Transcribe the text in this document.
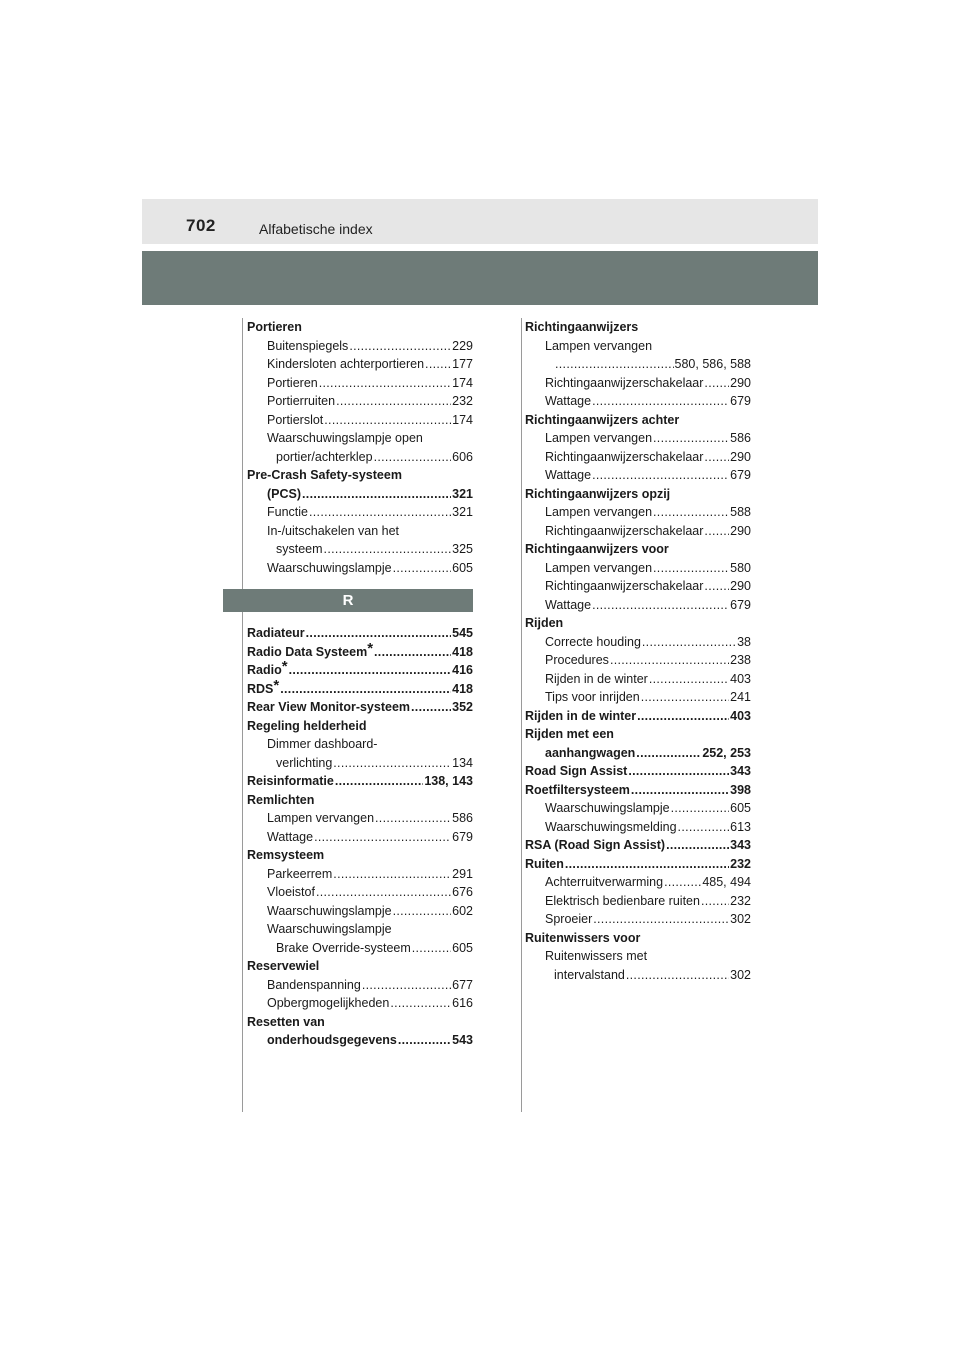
702	Alfabetische index
Portieren
Buitenspiegels .....	229
Kindersloten achterportieren ..... 177
Portieren .....	174
Portierruiten .....	232
Portierslot .....	174
Waarschuwingslampje open
portier/achterklep .....	606
Pre-Crash Safety-systeem
(PCS) .....	321
Functie .....	321
In-/uitschakelen van het
systeem .....	325
Waarschuwingslampje .....	605
R
Radiateur .....	545
Radio Data Systeem* .....	418
Radio* .....	416
RDS* .....	418
Rear View Monitor-systeem .....	352
Regeling helderheid
Dimmer dashboard-
verlichting .....	134
Reisinformatie .....	138, 143
Remlichten
Lampen vervangen .....	586
Wattage .....	679
Remsysteem
Parkeerrem .....	291
Vloeistof .....	676
Waarschuwingslampje .....	602
Waarschuwingslampje
Brake Override-systeem .....	605
Reservewiel
Bandenspanning .....	677
Opbergmogelijkheden .....	616
Resetten van
onderhoudsgegevens .....	543
Richtingaanwijzers
Lampen vervangen
.....
580, 586, 588
Richtingaanwijzerschakelaar ..... 290
Wattage .....	679
Richtingaanwijzers achter
Lampen vervangen .....	586
Richtingaanwijzerschakelaar ..... 290
Wattage .....	679
Richtingaanwijzers opzij
Lampen vervangen .....	588
Richtingaanwijzerschakelaar ..... 290
Richtingaanwijzers voor
Lampen vervangen .....	580
Richtingaanwijzerschakelaar ..... 290
Wattage .....	679
Rijden
Correcte houding .....	38
Procedures .....	238
Rijden in de winter .....	403
Tips voor inrijden .....	241
Rijden in de winter .....	403
Rijden met een
aanhangwagen .....	252, 253
Road Sign Assist .....	343
Roetfiltersysteem .....	398
Waarschuwingslampje .....	605
Waarschuwingsmelding .....	613
RSA (Road Sign Assist) .....	343
Ruiten .....	232
Achterruitverwarming .....	485, 494
Elektrisch bedienbare ruiten ..... 232
Sproeier .....	302
Ruitenwissers voor
Ruitenwissers met
intervalstand .....	302
